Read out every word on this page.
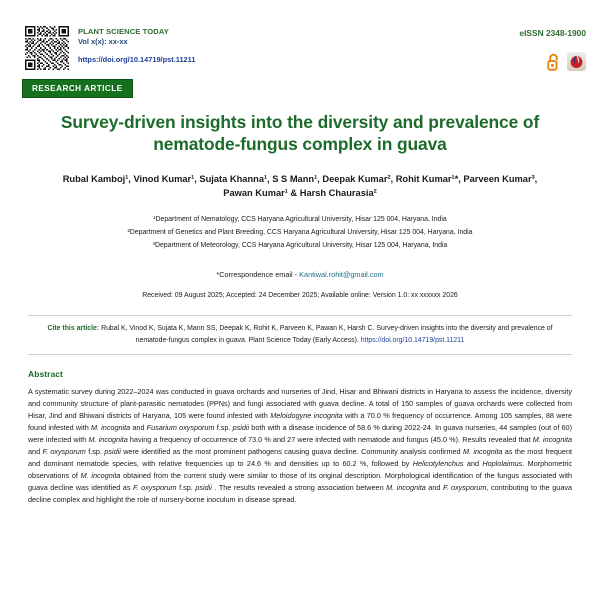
PLANT SCIENCE TODAY
Vol x(x): xx-xx
https://doi.org/10.14719/pst.11211
eISSN 2348-1900
RESEARCH ARTICLE
Survey-driven insights into the diversity and prevalence of nematode-fungus complex in guava
Rubal Kamboj¹, Vinod Kumar¹, Sujata Khanna¹, S S Mann¹, Deepak Kumar², Rohit Kumar¹*, Parveen Kumar³,
Pawan Kumar¹ & Harsh Chaurasia²
¹Department of Nematology, CCS Haryana Agricultural University, Hisar 125 004, Haryana, India
²Department of Genetics and Plant Breeding, CCS Haryana Agricultural University, Hisar 125 004, Haryana, India
³Department of Meteorology, CCS Haryana Agricultural University, Hisar 125 004, Haryana, India
*Correspondence email - Kantiwal.rohit@gmail.com
Received: 09 August 2025; Accepted: 24 December 2025; Available online: Version 1.0: xx xxxxxx 2026
Cite this article: Rubal K, Vinod K, Sujata K, Mann SS, Deepak K, Rohit K, Parveen K, Pawan K, Harsh C. Survey-driven insights into the diversity and prevalence of nematode-fungus complex in guava. Plant Science Today (Early Access). https://doi.org/10.14719/pst.11211
Abstract
A systematic survey during 2022–2024 was conducted in guava orchards and nurseries of Jind, Hisar and Bhiwani districts in Haryana to assess the incidence, diversity and community structure of plant-parasitic nematodes (PPNs) and fungi associated with guava decline. A total of 150 samples of guava orchards were collected from Hisar, Jind and Bhiwani districts of Haryana, 105 were found infested with Meloidogyne incognita with a 70.0 % frequency of occurrence. Among 105 samples, 88 were found infested with M. incognita and Fusarium oxysporum f.sp. psidii both with a disease incidence of 58.6 % during 2022-24. In guava nurseries, 44 samples (out of 60) were infected with M. incognita having a frequency of occurrence of 73.0 % and 27 were infected with nematode and fungus (45.0 %). Results revealed that M. incognita and F. oxysporum f.sp. psidii were identified as the most prominent pathogens causing guava decline. Community analysis confirmed M. incognita as the most frequent and dominant nematode species, with relative frequencies up to 24.6 % and densities up to 60.2 %, followed by Helicotylenchus and Hoplolaimus. Morphometric observations of M. incognita obtained from the current study were similar to those of its original description. Morphological identification of the fungus associated with guava decline was identified as F. oxysporum f.sp. psidii . The results revealed a strong association between M. incognita and F. oxysporum, contributing to the guava decline complex and highlight the role of nursery-borne inoculum in disease spread.
